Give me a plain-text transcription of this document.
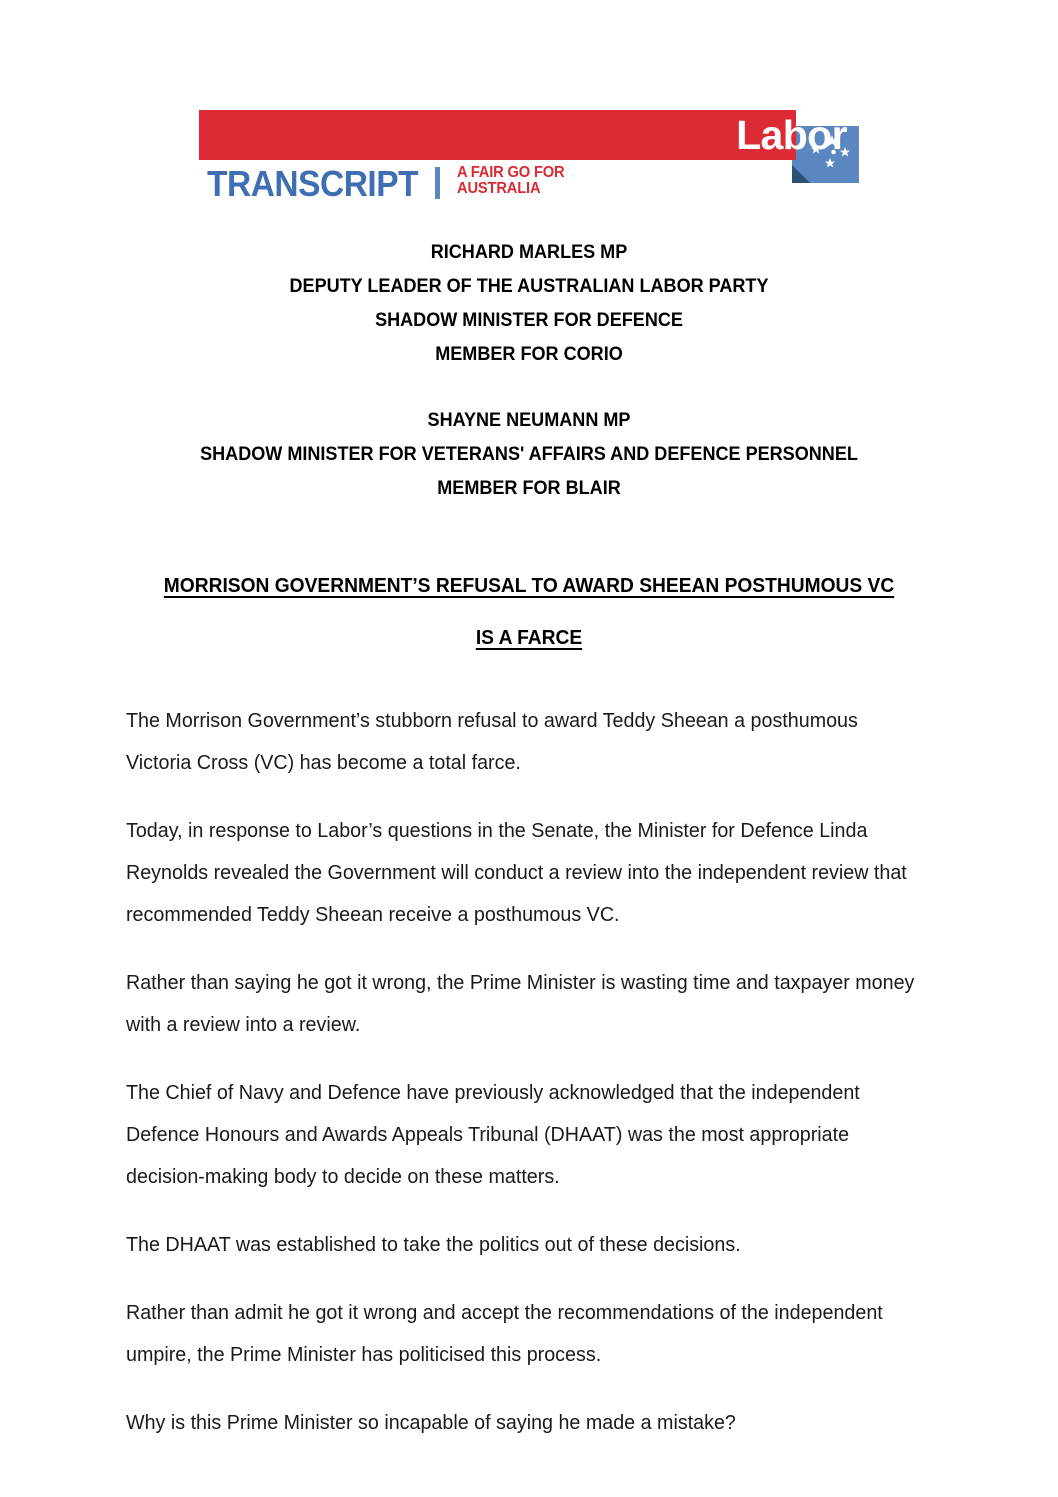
Labor
TRANSCRIPT A FAIR GO FOR
AUSTRALIA
RICHARD MARLES MP
DEPUTY LEADER OF THE AUSTRALIAN LABOR PARTY
SHADOW MINISTER FOR DEFENCE
MEMBER FOR CORIO
SHAYNE NEUMANN MP
SHADOW MINISTER FOR VETERANS' AFFAIRS AND DEFENCE PERSONNEL
MEMBER FOR BLAIR
MORRISON GOVERNMENT’S REFUSAL TO AWARD SHEEAN POSTHUMOUS VC
IS A FARCE

The Morrison Government’s stubborn refusal to award Teddy Sheean a posthumous Victoria Cross (VC) has become a total farce.

Today, in response to Labor’s questions in the Senate, the Minister for Defence Linda Reynolds revealed the Government will conduct a review into the independent review that recommended Teddy Sheean receive a posthumous VC.

Rather than saying he got it wrong, the Prime Minister is wasting time and taxpayer money with a review into a review.

The Chief of Navy and Defence have previously acknowledged that the independent Defence Honours and Awards Appeals Tribunal (DHAAT) was the most appropriate decision-making body to decide on these matters.

The DHAAT was established to take the politics out of these decisions.

Rather than admit he got it wrong and accept the recommendations of the independent umpire, the Prime Minister has politicised this process.

Why is this Prime Minister so incapable of saying he made a mistake?
